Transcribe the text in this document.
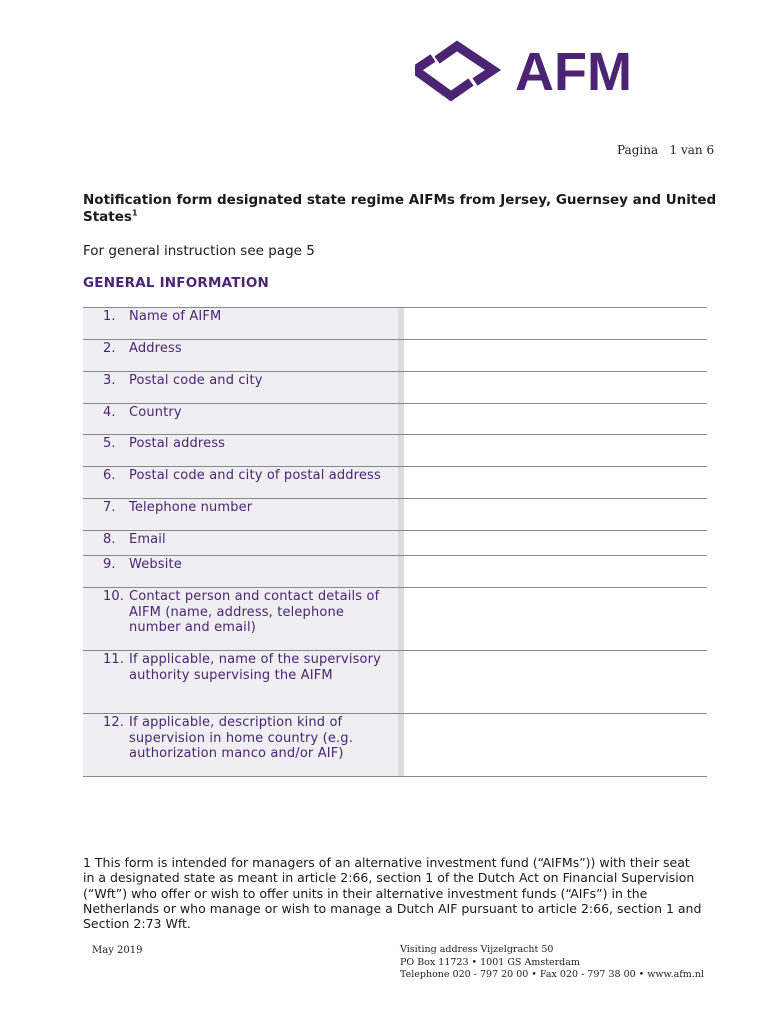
AFM
Pagina   1 van 6
Notification form designated state regime AIFMs from Jersey, Guernsey and United States$^1$
For general instruction see page 5
GENERAL INFORMATION
1. Name of AIFM	

2. Address	

3. Postal code and city	

4. Country	

5. Postal address	

6. Postal code and city of postal address	

7. Telephone number	

8. Email	

9. Website	

10. Contact person and contact details of AIFM (name, address, telephone number and email)	

11. If applicable, name of the supervisory authority supervising the AIFM	

12. If applicable, description kind of supervision in home country (e.g. authorization manco and/or AIF)	

1 This form is intended for managers of an alternative investment fund (“AIFMs”)) with their seat in a designated state as meant in article 2:66, section 1 of the Dutch Act on Financial Supervision (“Wft”) who offer or wish to offer units in their alternative investment funds (“AIFs”) in the Netherlands or who manage or wish to manage a Dutch AIF pursuant to article 2:66, section 1 and Section 2:73 Wft.
May 2019	Visiting address Vijzelgracht 50
PO Box 11723 • 1001 GS Amsterdam
Telephone 020 - 797 20 00 • Fax 020 - 797 38 00 • www.afm.nl
